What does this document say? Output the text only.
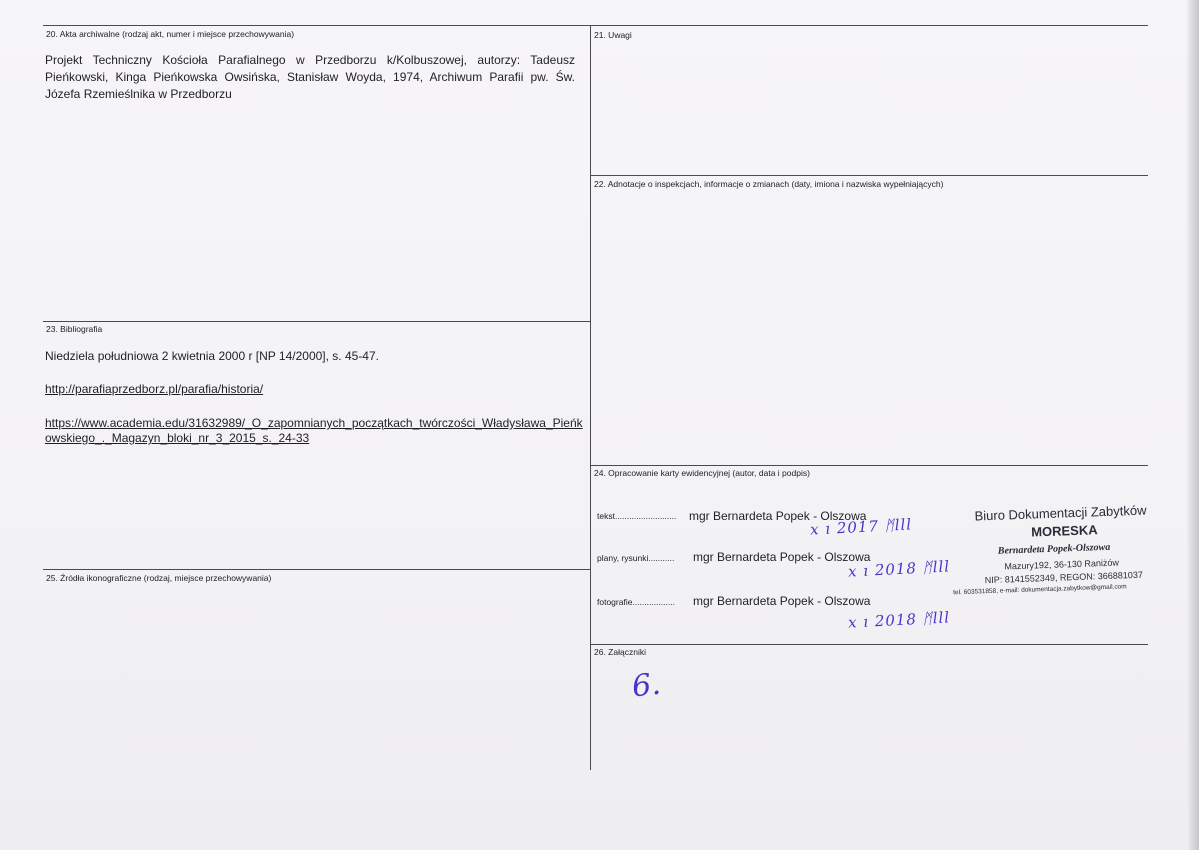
20. Akta archiwalne (rodzaj akt, numer i miejsce przechowywania)
Projekt Techniczny Kościoła Parafialnego w Przedborzu k/Kolbuszowej, autorzy: Tadeusz Pieńkowski, Kinga Pieńkowska Owsińska, Stanisław Woyda, 1974, Archiwum Parafii pw. Św. Józefa Rzemieślnika w Przedborzu
21. Uwagi
22. Adnotacje o inspekcjach, informacje o zmianach (daty, imiona i nazwiska wypełniających)
23. Bibliografia
Niedziela południowa 2 kwietnia 2000 r [NP 14/2000], s. 45-47.
http://parafiaprzedborz.pl/parafia/historia/
https://www.academia.edu/31632989/_O_zapomnianych_początkach_twórczości_Władysława_Pieńkowskiego_._Magazyn_bloki_nr_3_2015_s._24-33
24. Opracowanie karty ewidencyjnej (autor, data i podpis)
tekst.......................... mgr Bernardeta Popek - Olszowa
x ı 2017 ᛗlll
plany, rysunki........... mgr Bernardeta Popek - Olszowa
x ı 2018 ᛗlll
fotografie.................. mgr Bernardeta Popek - Olszowa
x ı 2018 ᛗlll
Biuro Dokumentacji Zabytków
MORESKA
Bernardeta Popek-Olszowa
Mazury192, 36-130 Raniżów
NIP: 8141552349, REGON: 366881037
tel. 603531858, e-mail: dokumentacja.zabytkow@gmail.com
25. Źródła ikonograficzne (rodzaj, miejsce przechowywania)
26. Załączniki
6.
